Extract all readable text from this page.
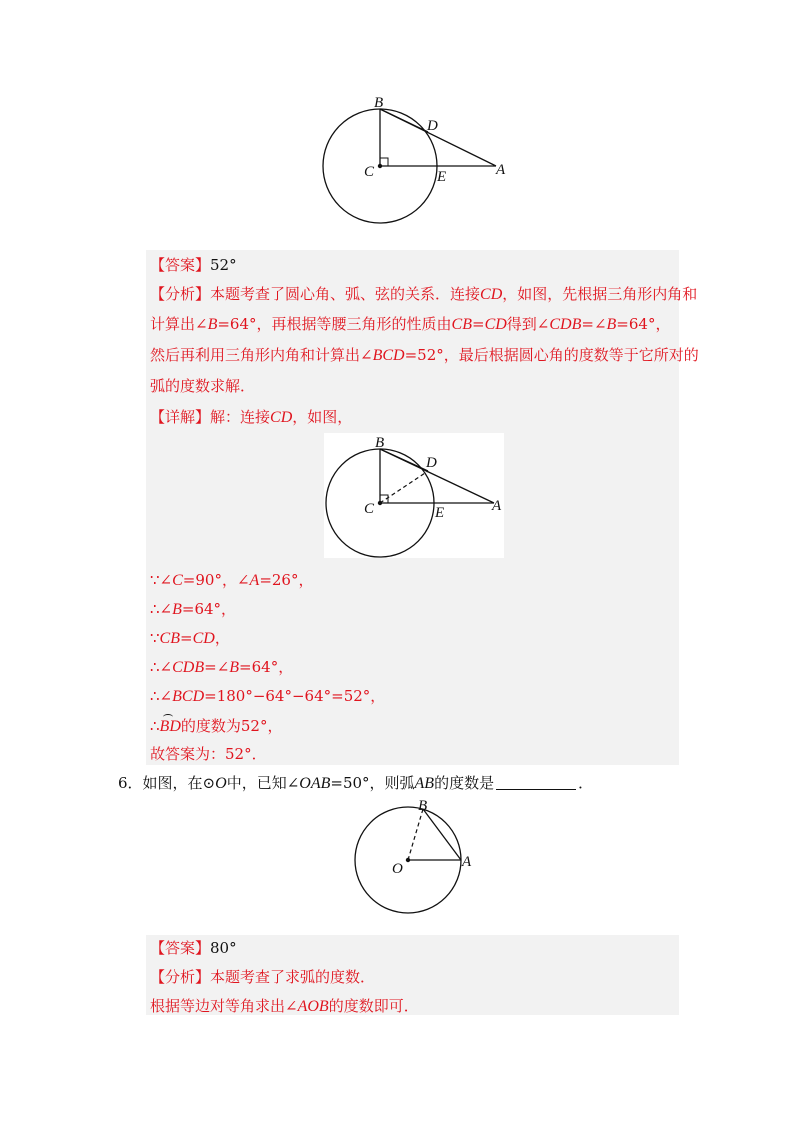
B
D
C	E	A
【答案】52°
【分析】本题考查了圆心角、弧、弦的关系．连接CD，如图，先根据三角形内角和
计算出∠B=64°，再根据等腰三角形的性质由CB=CD得到∠CDB=∠B=64°，
然后再利用三角形内角和计算出∠BCD=52°，最后根据圆心角的度数等于它所对的
弧的度数求解．
【详解】解：连接CD，如图，
B
D
C	E	A
∵∠C=90°，∠A=26°，
∴∠B=64°，
∵CB=CD，
∴∠CDB=∠B=64°，
∴∠BCD=180°−64°−64°=52°，
∴BD的度数为52°，
故答案为：52°．
6．如图，在⊙O中，已知∠OAB=50°，则弧AB的度数是	．
B
O	A
【答案】80°
【分析】本题考查了求弧的度数．
根据等边对等角求出∠AOB的度数即可．
